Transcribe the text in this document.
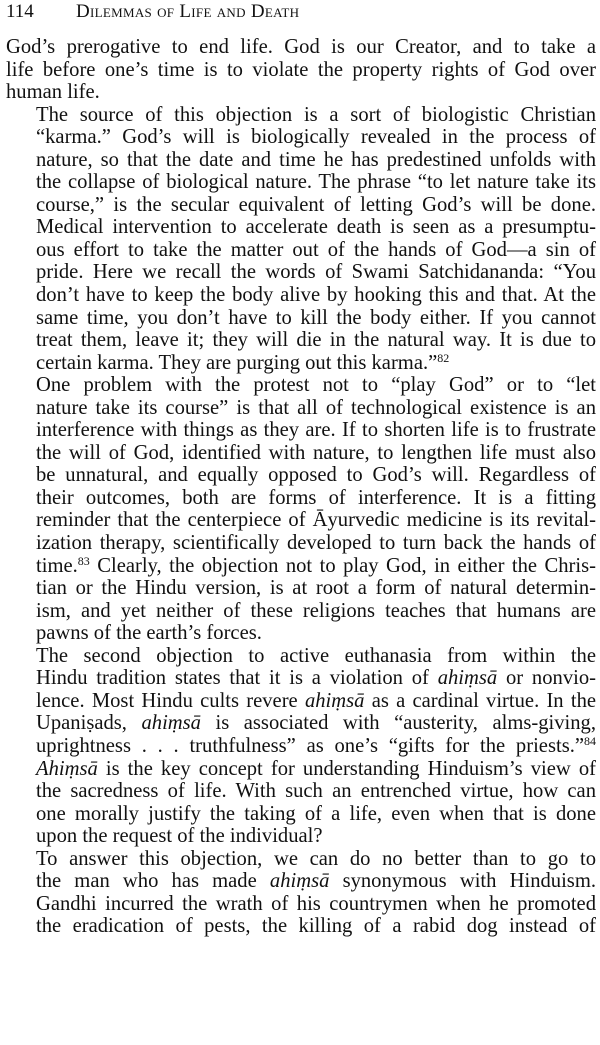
114 Dilemmas of Life and Death

God’s prerogative to end life. God is our Creator, and to take a
life before one’s time is to violate the property rights of God over
human life.

The source of this objection is a sort of biologistic Christian
“karma.” God’s will is biologically revealed in the process of
nature, so that the date and time he has predestined unfolds with
the collapse of biological nature. The phrase “to let nature take its
course,” is the secular equivalent of letting God’s will be done.
Medical intervention to accelerate death is seen as a presumptu-
ous effort to take the matter out of the hands of God—a sin of
pride. Here we recall the words of Swami Satchidananda: “You
don’t have to keep the body alive by hooking this and that. At the
same time, you don’t have to kill the body either. If you cannot
treat them, leave it; they will die in the natural way. It is due to
certain karma. They are purging out this karma.”$^{82}$

One problem with the protest not to “play God” or to “let
nature take its course” is that all of technological existence is an
interference with things as they are. If to shorten life is to frustrate
the will of God, identified with nature, to lengthen life must also
be unnatural, and equally opposed to God’s will. Regardless of
their outcomes, both are forms of interference. It is a fitting
reminder that the centerpiece of Āyurvedic medicine is its revital-
ization therapy, scientifically developed to turn back the hands of
time.$^{83}$ Clearly, the objection not to play God, in either the Chris-
tian or the Hindu version, is at root a form of natural determin-
ism, and yet neither of these religions teaches that humans are
pawns of the earth’s forces.

The second objection to active euthanasia from within the
Hindu tradition states that it is a violation of ahiṃsā or nonvio-
lence. Most Hindu cults revere ahiṃsā as a cardinal virtue. In the
Upaniṣads, ahiṃsā is associated with “austerity, alms-giving,
uprightness . . . truthfulness” as one’s “gifts for the priests.”$^{84}$
Ahiṃsā is the key concept for understanding Hinduism’s view of
the sacredness of life. With such an entrenched virtue, how can
one morally justify the taking of a life, even when that is done
upon the request of the individual?

To answer this objection, we can do no better than to go to
the man who has made ahiṃsā synonymous with Hinduism.
Gandhi incurred the wrath of his countrymen when he promoted
the eradication of pests, the killing of a rabid dog instead of
